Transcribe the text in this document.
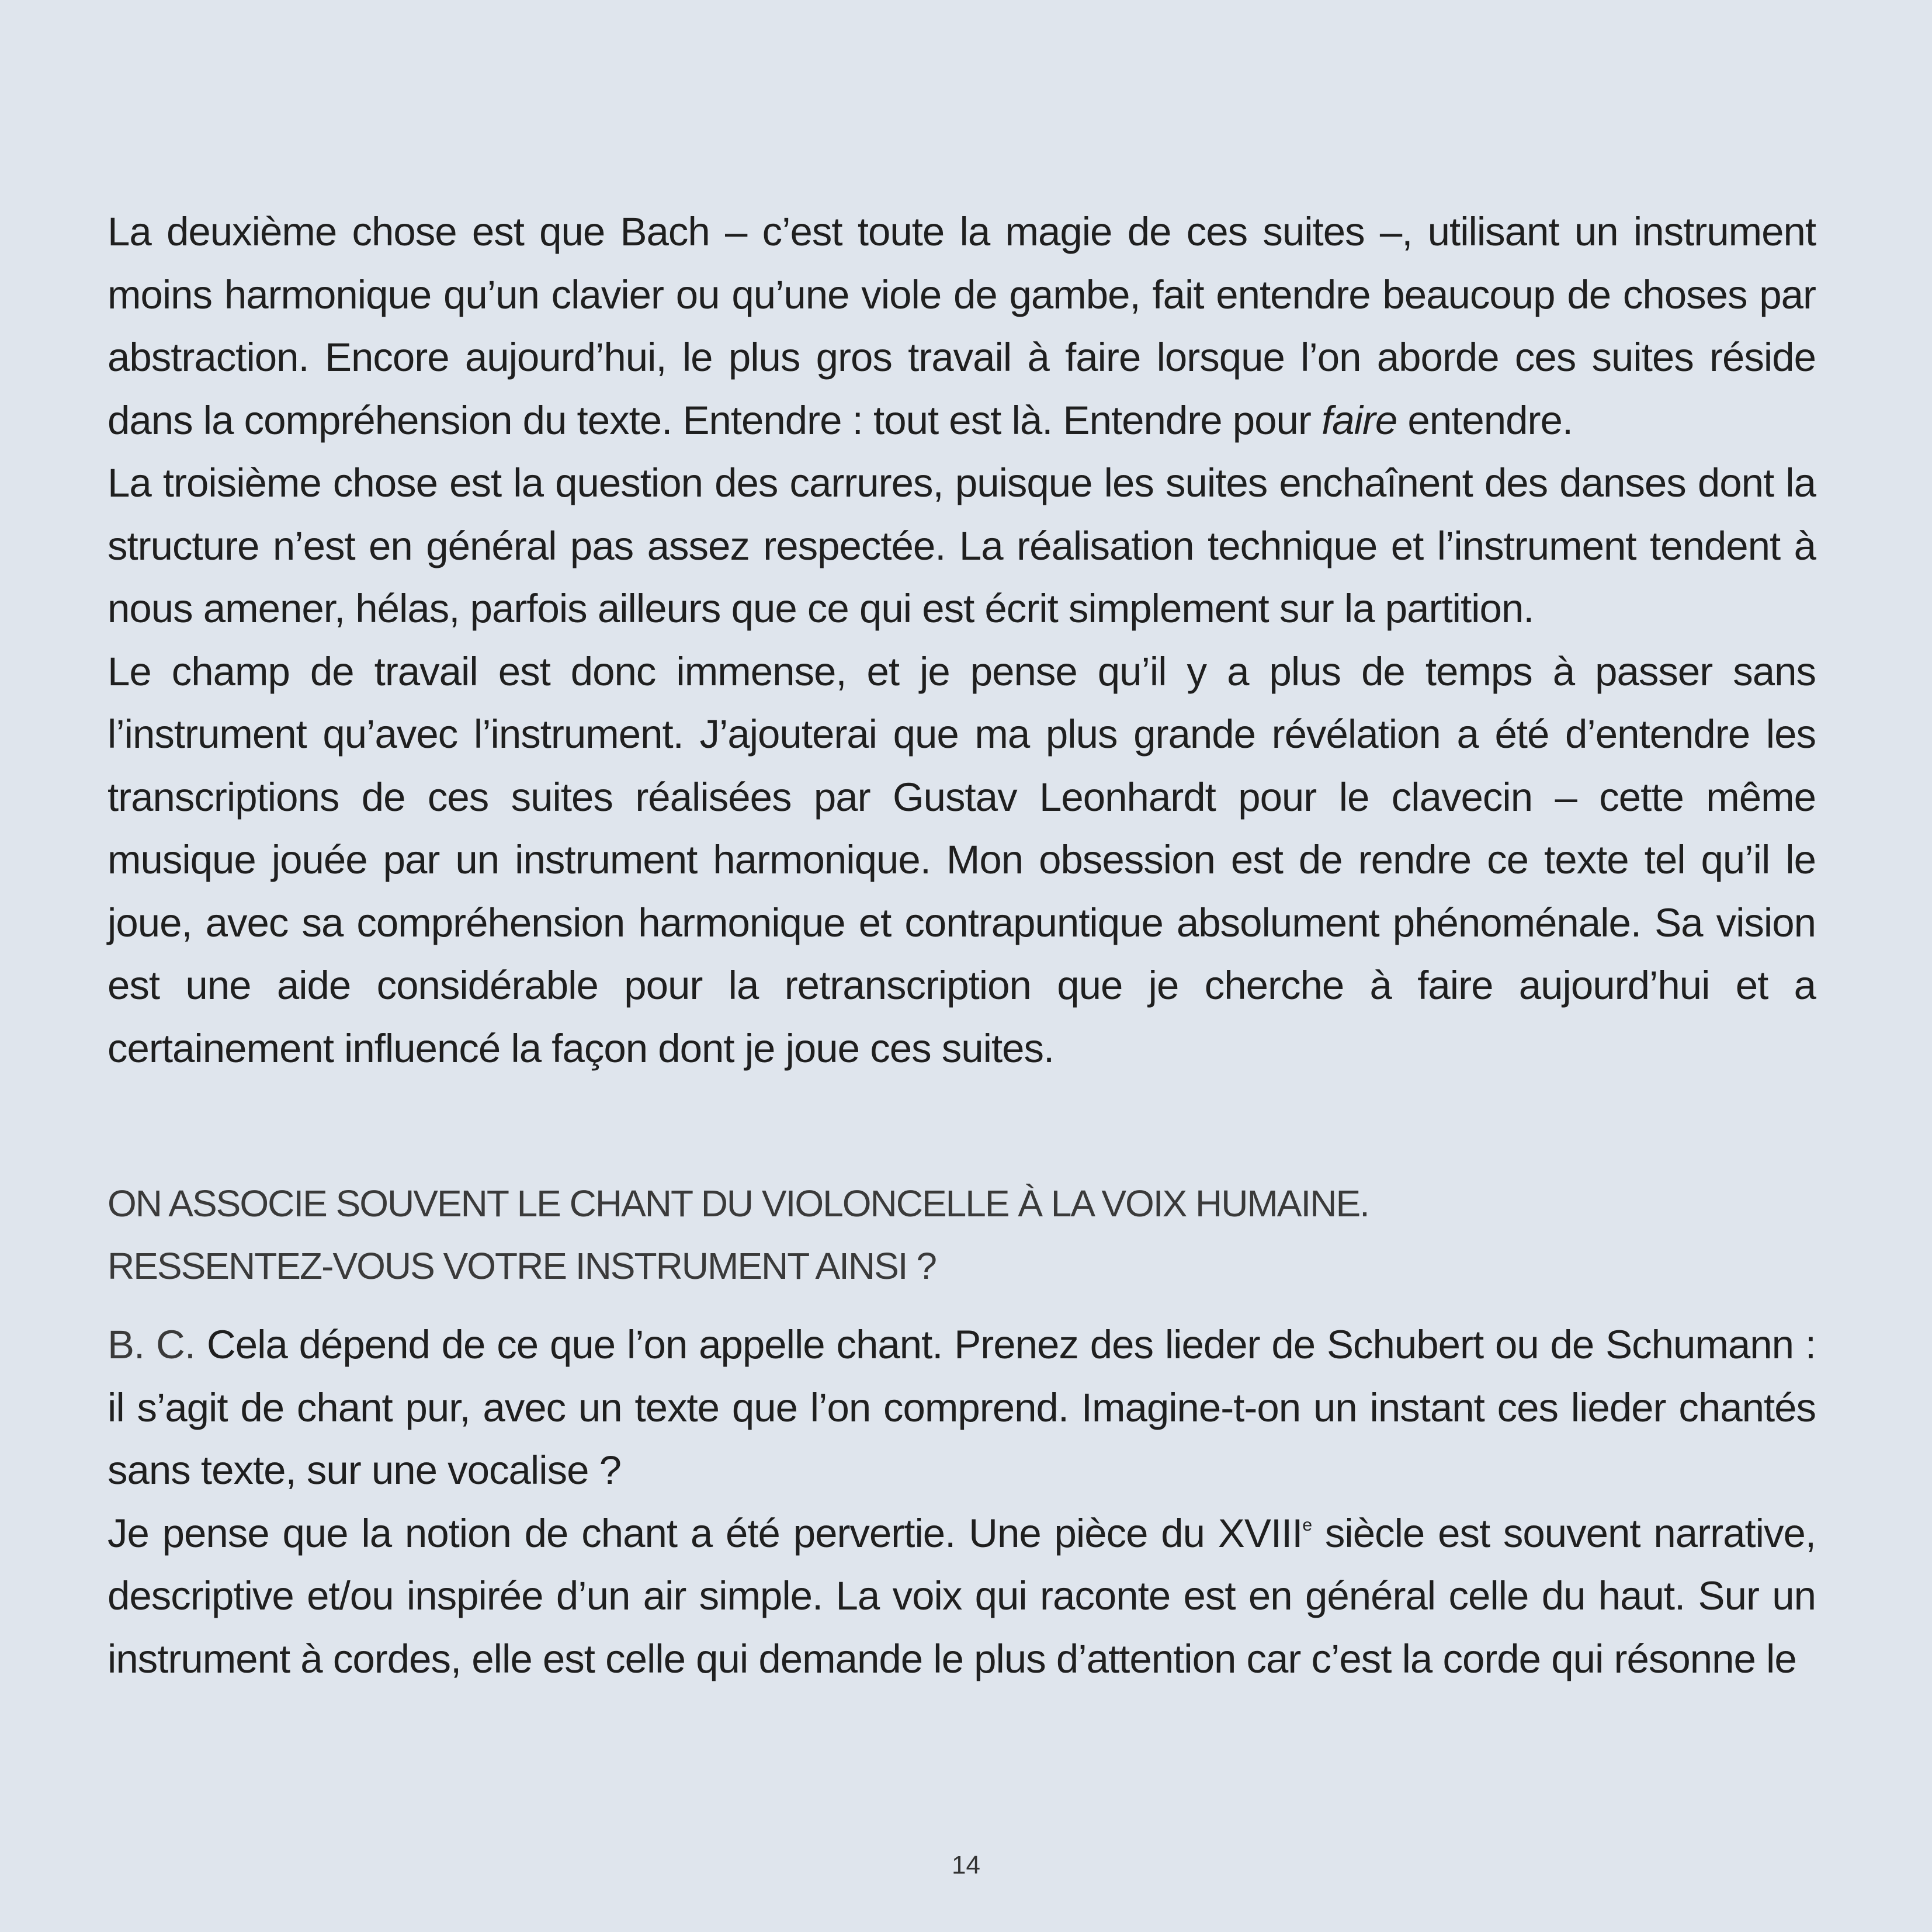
La deuxième chose est que Bach – c’est toute la magie de ces suites –, utilisant un instrument moins harmonique qu’un clavier ou qu’une viole de gambe, fait entendre beaucoup de choses par abstraction. Encore aujourd’hui, le plus gros travail à faire lorsque l’on aborde ces suites réside dans la compréhension du texte. Entendre : tout est là. Entendre pour faire entendre.

La troisième chose est la question des carrures, puisque les suites enchaînent des danses dont la structure n’est en général pas assez respectée. La réalisation technique et l’instrument tendent à nous amener, hélas, parfois ailleurs que ce qui est écrit simplement sur la partition.

Le champ de travail est donc immense, et je pense qu’il y a plus de temps à passer sans l’instrument qu’avec l’instrument. J’ajouterai que ma plus grande révélation a été d’entendre les transcriptions de ces suites réalisées par Gustav Leonhardt pour le clavecin – cette même musique jouée par un instrument harmonique. Mon obsession est de rendre ce texte tel qu’il le joue, avec sa compréhension harmonique et contrapuntique absolument phénoménale. Sa vision est une aide considérable pour la retranscription que je cherche à faire aujourd’hui et a certainement influencé la façon dont je joue ces suites.

ON ASSOCIE SOUVENT LE CHANT DU VIOLONCELLE À LA VOIX HUMAINE.

RESSENTEZ-VOUS VOTRE INSTRUMENT AINSI ?

B. C. Cela dépend de ce que l’on appelle chant. Prenez des lieder de Schubert ou de Schumann : il s’agit de chant pur, avec un texte que l’on comprend. Imagine-t-on un instant ces lieder chantés sans texte, sur une vocalise ?

Je pense que la notion de chant a été pervertie. Une pièce du XVIIIe siècle est souvent narrative, descriptive et/ou inspirée d’un air simple. La voix qui raconte est en général celle du haut. Sur un instrument à cordes, elle est celle qui demande le plus d’attention car c’est la corde qui résonne le

14
